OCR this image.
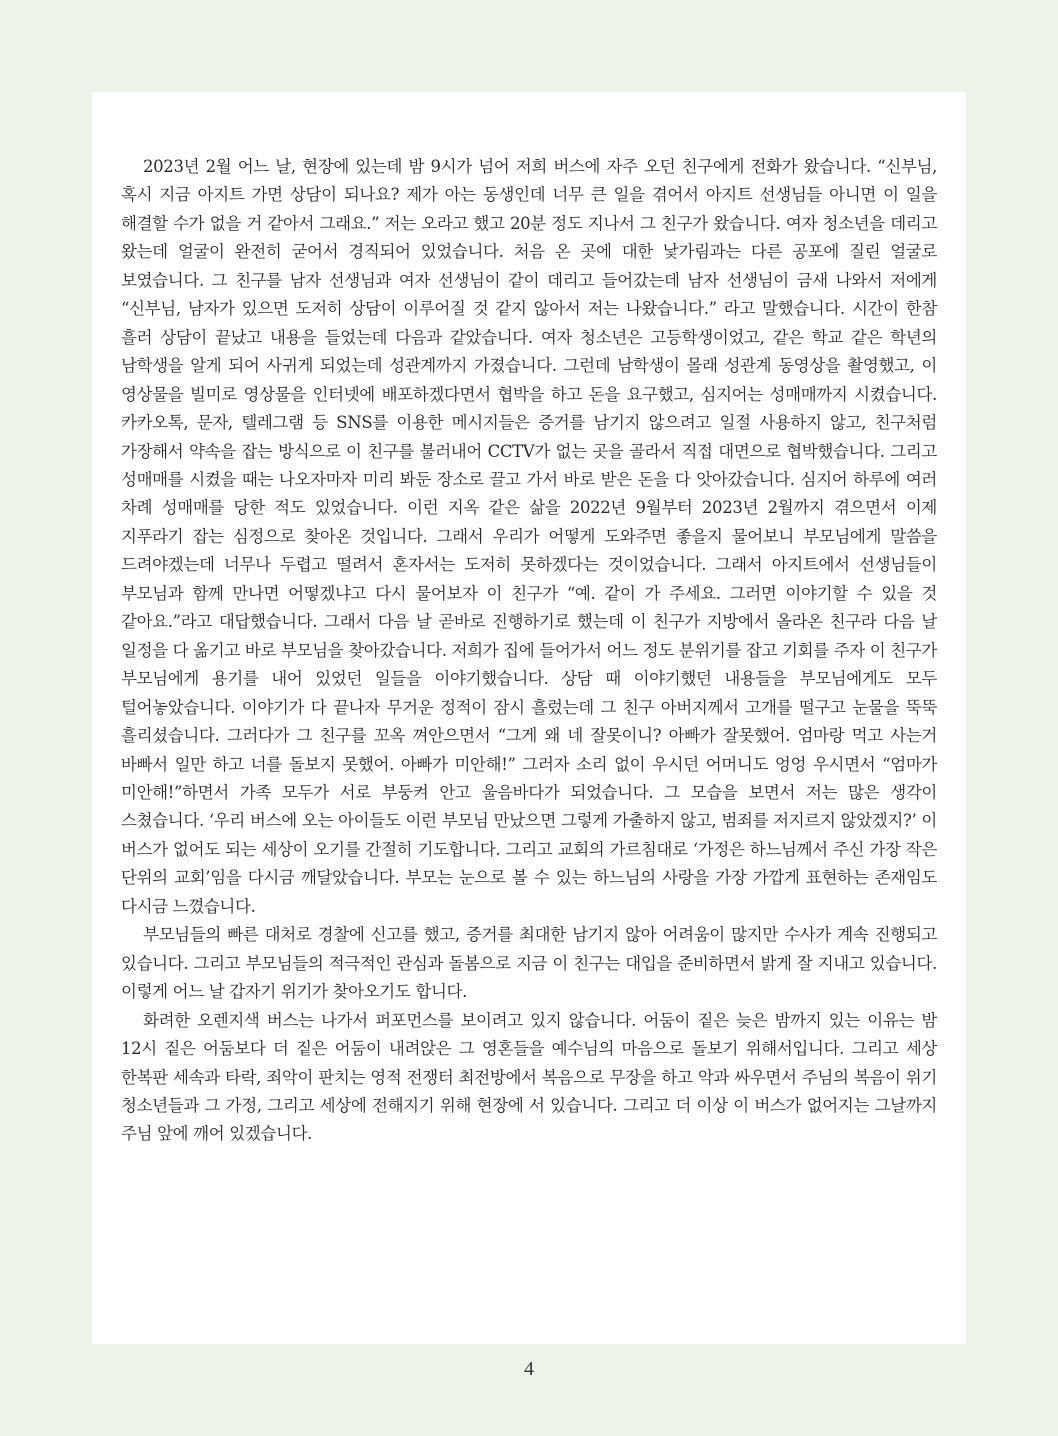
2023년 2월 어느 날, 현장에 있는데 밤 9시가 넘어 저희 버스에 자주 오던 친구에게 전화가 왔습니다. “신부님, 혹시 지금 아지트 가면 상담이 되나요? 제가 아는 동생인데 너무 큰 일을 겪어서 아지트 선생님들 아니면 이 일을 해결할 수가 없을 거 같아서 그래요.” 저는 오라고 했고 20분 정도 지나서 그 친구가 왔습니다. 여자 청소년을 데리고 왔는데 얼굴이 완전히 굳어서 경직되어 있었습니다. 처음 온 곳에 대한 낯가림과는 다른 공포에 질린 얼굴로 보였습니다. 그 친구를 남자 선생님과 여자 선생님이 같이 데리고 들어갔는데 남자 선생님이 금새 나와서 저에게 “신부님, 남자가 있으면 도저히 상담이 이루어질 것 같지 않아서 저는 나왔습니다.” 라고 말했습니다. 시간이 한참 흘러 상담이 끝났고 내용을 들었는데 다음과 같았습니다. 여자 청소년은 고등학생이었고, 같은 학교 같은 학년의 남학생을 알게 되어 사귀게 되었는데 성관계까지 가졌습니다. 그런데 남학생이 몰래 성관계 동영상을 촬영했고, 이 영상물을 빌미로 영상물을 인터넷에 배포하겠다면서 협박을 하고 돈을 요구했고, 심지어는 성매매까지 시켰습니다. 카카오톡, 문자, 텔레그램 등 SNS를 이용한 메시지들은 증거를 남기지 않으려고 일절 사용하지 않고, 친구처럼 가장해서 약속을 잡는 방식으로 이 친구를 불러내어 CCTV가 없는 곳을 골라서 직접 대면으로 협박했습니다. 그리고 성매매를 시켰을 때는 나오자마자 미리 봐둔 장소로 끌고 가서 바로 받은 돈을 다 앗아갔습니다. 심지어 하루에 여러 차례 성매매를 당한 적도 있었습니다. 이런 지옥 같은 삶을 2022년 9월부터 2023년 2월까지 겪으면서 이제 지푸라기 잡는 심정으로 찾아온 것입니다. 그래서 우리가 어떻게 도와주면 좋을지 물어보니 부모님에게 말씀을 드려야겠는데 너무나 두렵고 떨려서 혼자서는 도저히 못하겠다는 것이었습니다. 그래서 아지트에서 선생님들이 부모님과 함께 만나면 어떻겠냐고 다시 물어보자 이 친구가 “예. 같이 가 주세요. 그러면 이야기할 수 있을 것 같아요.”라고 대답했습니다. 그래서 다음 날 곧바로 진행하기로 했는데 이 친구가 지방에서 올라온 친구라 다음 날 일정을 다 옮기고 바로 부모님을 찾아갔습니다. 저희가 집에 들어가서 어느 정도 분위기를 잡고 기회를 주자 이 친구가 부모님에게 용기를 내어 있었던 일들을 이야기했습니다. 상담 때 이야기했던 내용들을 부모님에게도 모두 털어놓았습니다. 이야기가 다 끝나자 무거운 정적이 잠시 흘렀는데 그 친구 아버지께서 고개를 떨구고 눈물을 뚝뚝 흘리셨습니다. 그러다가 그 친구를 꼬옥 껴안으면서 “그게 왜 네 잘못이니? 아빠가 잘못했어. 엄마랑 먹고 사는거 바빠서 일만 하고 너를 돌보지 못했어. 아빠가 미안해!” 그러자 소리 없이 우시던 어머니도 엉엉 우시면서 “엄마가 미안해!”하면서 가족 모두가 서로 부둥켜 안고 울음바다가 되었습니다. 그 모습을 보면서 저는 많은 생각이 스쳤습니다. ‘우리 버스에 오는 아이들도 이런 부모님 만났으면 그렇게 가출하지 않고, 범죄를 저지르지 않았겠지?’ 이 버스가 없어도 되는 세상이 오기를 간절히 기도합니다. 그리고 교회의 가르침대로 ‘가정은 하느님께서 주신 가장 작은 단위의 교회’임을 다시금 깨달았습니다. 부모는 눈으로 볼 수 있는 하느님의 사랑을 가장 가깝게 표현하는 존재임도 다시금 느꼈습니다.

부모님들의 빠른 대처로 경찰에 신고를 했고, 증거를 최대한 남기지 않아 어려움이 많지만 수사가 계속 진행되고 있습니다. 그리고 부모님들의 적극적인 관심과 돌봄으로 지금 이 친구는 대입을 준비하면서 밝게 잘 지내고 있습니다. 이렇게 어느 날 갑자기 위기가 찾아오기도 합니다.

화려한 오렌지색 버스는 나가서 퍼포먼스를 보이려고 있지 않습니다. 어둠이 짙은 늦은 밤까지 있는 이유는 밤 12시 짙은 어둠보다 더 짙은 어둠이 내려앉은 그 영혼들을 예수님의 마음으로 돌보기 위해서입니다. 그리고 세상 한복판 세속과 타락, 죄악이 판치는 영적 전쟁터 최전방에서 복음으로 무장을 하고 악과 싸우면서 주님의 복음이 위기 청소년들과 그 가정, 그리고 세상에 전해지기 위해 현장에 서 있습니다. 그리고 더 이상 이 버스가 없어지는 그날까지 주님 앞에 깨어 있겠습니다.

4
